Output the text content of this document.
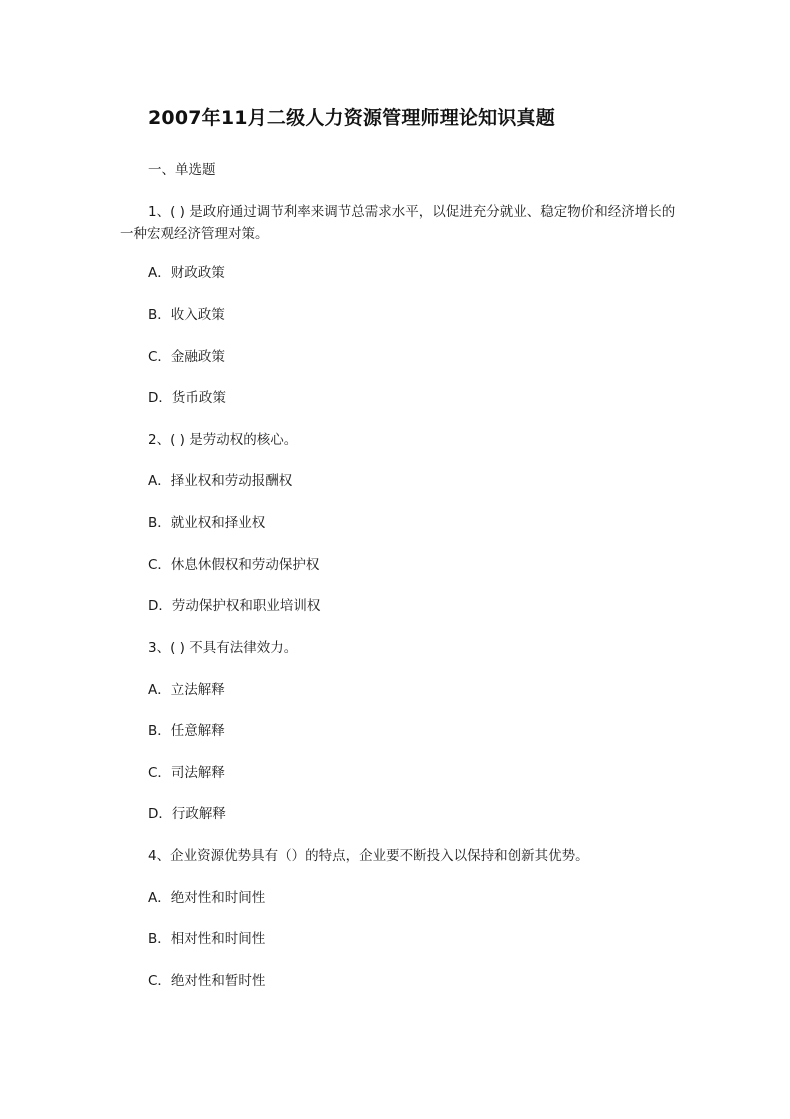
2007年11月二级人力资源管理师理论知识真题
一、单选题
1、( ) 是政府通过调节利率来调节总需求水平，以促进充分就业、稳定物价和经济增长的一种宏观经济管理对策。
A．财政政策
B．收入政策
C．金融政策
D．货币政策
2、( ) 是劳动权的核心。
A．择业权和劳动报酬权
B．就业权和择业权
C．休息休假权和劳动保护权
D．劳动保护权和职业培训权
3、( ) 不具有法律效力。
A．立法解释
B．任意解释
C．司法解释
D．行政解释
4、企业资源优势具有（）的特点，企业要不断投入以保持和创新其优势。
A．绝对性和时间性
B．相对性和时间性
C．绝对性和暂时性
